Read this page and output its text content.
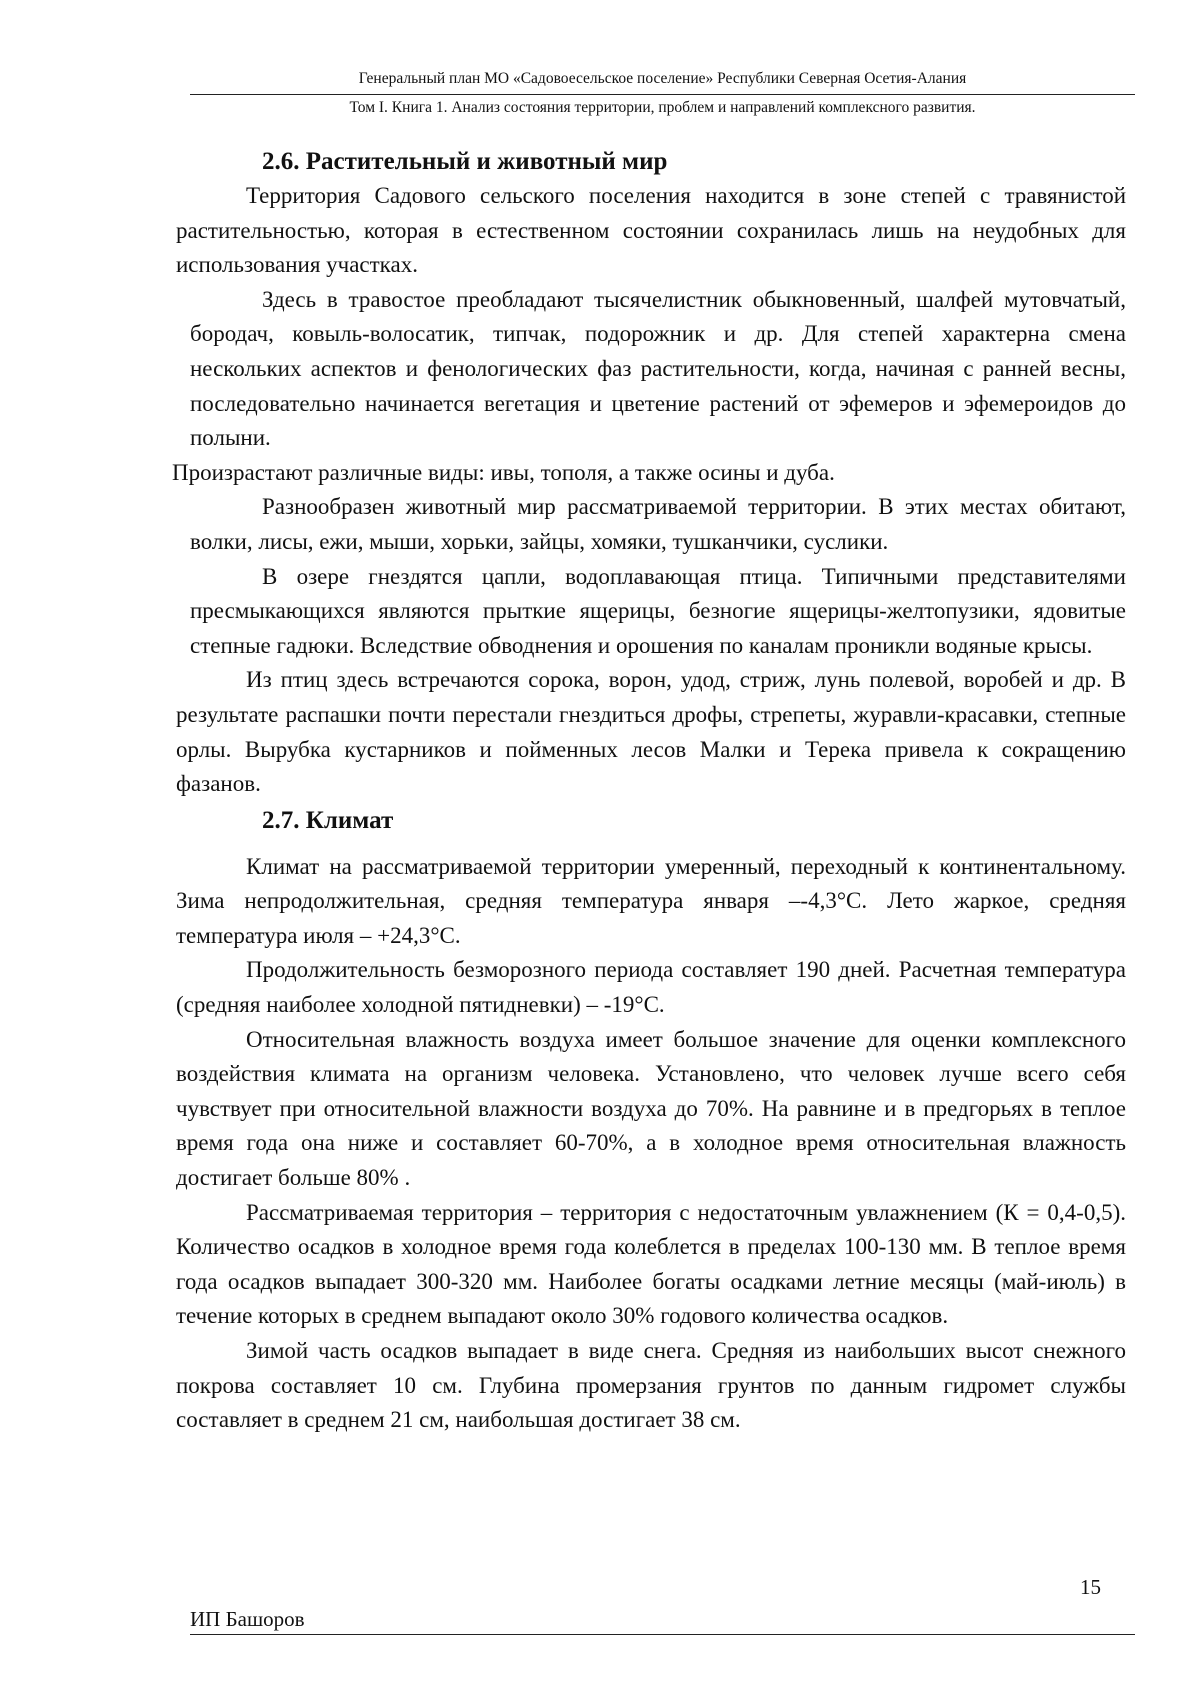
Генеральный план МО «Садовоесельское поселение» Республики Северная Осетия-Алания
Том I. Книга 1. Анализ состояния территории, проблем и направлений комплексного развития.
2.6. Растительный и животный мир

Территория Садового сельского поселения находится в зоне степей с травянистой растительностью, которая в естественном состоянии сохранилась лишь на неудобных для использования участках.

Здесь в травостое преобладают тысячелистник обыкновенный, шалфей мутовчатый, бородач, ковыль-волосатик, типчак, подорожник и др. Для степей характерна смена нескольких аспектов и фенологических фаз растительности, когда, начиная с ранней весны, последовательно начинается вегетация и цветение растений от эфемеров и эфемероидов до полыни.

Произрастают различные виды: ивы, тополя, а также осины и дуба.

Разнообразен животный мир рассматриваемой территории. В этих местах обитают, волки, лисы, ежи, мыши, хорьки, зайцы, хомяки, тушканчики, суслики.

В озере гнездятся цапли, водоплавающая птица. Типичными представителями пресмыкающихся являются прыткие ящерицы, безногие ящерицы-желтопузики, ядовитые степные гадюки. Вследствие обводнения и орошения по каналам проникли водяные крысы.

Из птиц здесь встречаются сорока, ворон, удод, стриж, лунь полевой, воробей и др. В результате распашки почти перестали гнездиться дрофы, стрепеты, журавли-красавки, степные орлы. Вырубка кустарников и пойменных лесов Малки и Терека привела к сокращению фазанов.

2.7. Климат

Климат на рассматриваемой территории умеренный, переходный к континентальному. Зима непродолжительная, средняя температура января –-4,3°С. Лето жаркое, средняя температура июля – +24,3°С.

Продолжительность безморозного периода составляет 190 дней. Расчетная температура (средняя наиболее холодной пятидневки) – -19°С.

Относительная влажность воздуха имеет большое значение для оценки комплексного воздействия климата на организм человека. Установлено, что человек лучше всего себя чувствует при относительной влажности воздуха до 70%. На равнине и в предгорьях в теплое время года она ниже и составляет 60-70%, а в холодное время относительная влажность достигает больше 80% .

Рассматриваемая территория – территория с недостаточным увлажнением (К = 0,4-0,5). Количество осадков в холодное время года колеблется в пределах 100-130 мм. В теплое время года осадков выпадает 300-320 мм. Наиболее богаты осадками летние месяцы (май-июль) в течение которых в среднем выпадают около 30% годового количества осадков.

Зимой часть осадков выпадает в виде снега. Средняя из наибольших высот снежного покрова составляет 10 см. Глубина промерзания грунтов по данным гидромет службы составляет в среднем 21 см, наибольшая достигает 38 см.

15
ИП Башоров
